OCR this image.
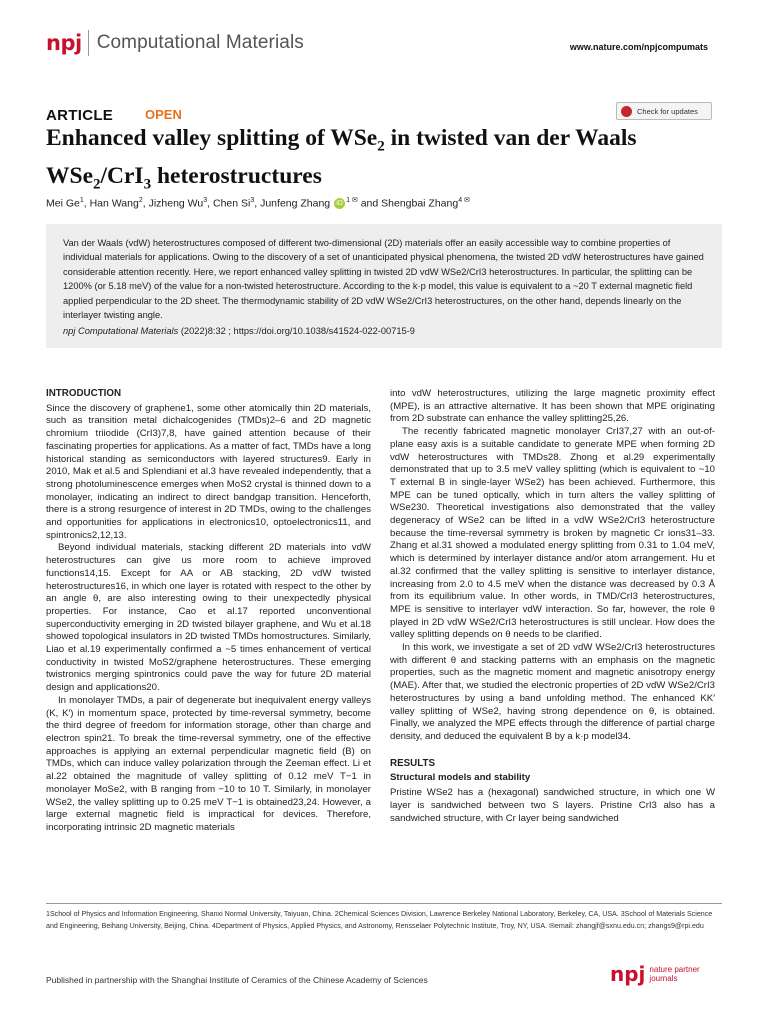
npj Computational Materials	www.nature.com/npjcompumats
ARTICLE OPEN	Check for updates
Enhanced valley splitting of WSe$_2$ in twisted van der Waals WSe$_2$/CrI$_3$ heterostructures
Mei Ge$^1$, Han Wang$^2$, Jizheng Wu$^3$, Chen Si$^3$, Junfeng Zhang iD $^{1 ✉}$ and Shengbai Zhang$^{4 ✉}$

Van der Waals (vdW) heterostructures composed of different two-dimensional (2D) materials offer an easily accessible way to combine properties of individual materials for applications. Owing to the discovery of a set of unanticipated physical phenomena, the twisted 2D vdW heterostructures have gained considerable attention recently. Here, we report enhanced valley splitting in twisted 2D vdW WSe2/CrI3 heterostructures. In particular, the splitting can be 1200% (or 5.18 meV) of the value for a non-twisted heterostructure. According to the k·p model, this value is equivalent to a ~20 T external magnetic field applied perpendicular to the 2D sheet. The thermodynamic stability of 2D vdW WSe2/CrI3 heterostructures, on the other hand, depends linearly on the interlayer twisting angle.

npj Computational Materials (2022)8:32 ; https://doi.org/10.1038/s41524-022-00715-9

INTRODUCTION

Since the discovery of graphene1, some other atomically thin 2D materials, such as transition metal dichalcogenides (TMDs)2–6 and 2D magnetic chromium triiodide (CrI3)7,8, have gained attention because of their fascinating properties for applications. As a matter of fact, TMDs have a long historical standing as semiconductors with layered structures9. Early in 2010, Mak et al.5 and Splendiani et al.3 have revealed independently, that a strong photoluminescence emerges when MoS2 crystal is thinned down to a monolayer, indicating an indirect to direct bandgap transition. Henceforth, there is a strong resurgence of interest in 2D TMDs, owing to the challenges and opportunities for applications in electronics10, optoelectronics11, and spintronics2,12,13.

Beyond individual materials, stacking different 2D materials into vdW heterostructures can give us more room to achieve improved functions14,15. Except for AA or AB stacking, 2D vdW twisted heterostructures16, in which one layer is rotated with respect to the other by an angle θ, are also interesting owing to their unexpectedly physical properties. For instance, Cao et al.17 reported unconventional superconductivity emerging in 2D twisted bilayer graphene, and Wu et al.18 showed topological insulators in 2D twisted TMDs homostructures. Similarly, Liao et al.19 experimentally confirmed a ~5 times enhancement of vertical conductivity in twisted MoS2/graphene heterostructures. These emerging twistronics merging spintronics could pave the way for future 2D material design and applications20.

In monolayer TMDs, a pair of degenerate but inequivalent energy valleys (K, K′) in momentum space, protected by time-reversal symmetry, become the third degree of freedom for information storage, other than charge and electron spin21. To break the time-reversal symmetry, one of the effective approaches is applying an external perpendicular magnetic field (B) on TMDs, which can induce valley polarization through the Zeeman effect. Li et al.22 obtained the magnitude of valley splitting of 0.12 meV T−1 in monolayer MoSe2, with B ranging from −10 to 10 T. Similarly, in monolayer WSe2, the valley splitting up to 0.25 meV T−1 is obtained23,24. However, a large external magnetic field is impractical for devices. Therefore, incorporating intrinsic 2D magnetic materials

into vdW heterostructures, utilizing the large magnetic proximity effect (MPE), is an attractive alternative. It has been shown that MPE originating from 2D substrate can enhance the valley splitting25,26.

The recently fabricated magnetic monolayer CrI37,27 with an out-of-plane easy axis is a suitable candidate to generate MPE when forming 2D vdW heterostructures with TMDs28. Zhong et al.29 experimentally demonstrated that up to 3.5 meV valley splitting (which is equivalent to ~10 T external B in single-layer WSe2) has been achieved. Furthermore, this MPE can be tuned optically, which in turn alters the valley splitting of WSe230. Theoretical investigations also demonstrated that the valley degeneracy of WSe2 can be lifted in a vdW WSe2/CrI3 heterostructure because the time-reversal symmetry is broken by magnetic Cr ions31–33. Zhang et al.31 showed a modulated energy splitting from 0.31 to 1.04 meV, which is determined by interlayer distance and/or atom arrangement. Hu et al.32 confirmed that the valley splitting is sensitive to interlayer distance, increasing from 2.0 to 4.5 meV when the distance was decreased by 0.3 Å from its equilibrium value. In other words, in TMD/CrI3 heterostructures, MPE is sensitive to interlayer vdW interaction. So far, however, the role θ played in 2D vdW WSe2/CrI3 heterostructures is still unclear. How does the valley splitting depends on θ needs to be clarified.

In this work, we investigate a set of 2D vdW WSe2/CrI3 heterostructures with different θ and stacking patterns with an emphasis on the magnetic properties, such as the magnetic moment and magnetic anisotropy energy (MAE). After that, we studied the electronic properties of 2D vdW WSe2/CrI3 heterostructures by using a band unfolding method. The enhanced KK′ valley splitting of WSe2, having strong dependence on θ, is obtained. Finally, we analyzed the MPE effects through the difference of partial charge density, and deduced the equivalent B by a k·p model34.

RESULTS
Structural models and stability

Pristine WSe2 has a (hexagonal) sandwiched structure, in which one W layer is sandwiched between two S layers. Pristine CrI3 also has a sandwiched structure, with Cr layer being sandwiched

1School of Physics and Information Engineering, Shanxi Normal University, Taiyuan, China. 2Chemical Sciences Division, Lawrence Berkeley National Laboratory, Berkeley, CA, USA. 3School of Materials Science and Engineering, Beihang University, Beijing, China. 4Department of Physics, Applied Physics, and Astronomy, Rensselaer Polytechnic Institute, Troy, NY, USA. ✉email: zhangjf@sxnu.edu.cn; zhangs9@rpi.edu
Published in partnership with the Shanghai Institute of Ceramics of the Chinese Academy of Sciences	npj nature partner
journals
